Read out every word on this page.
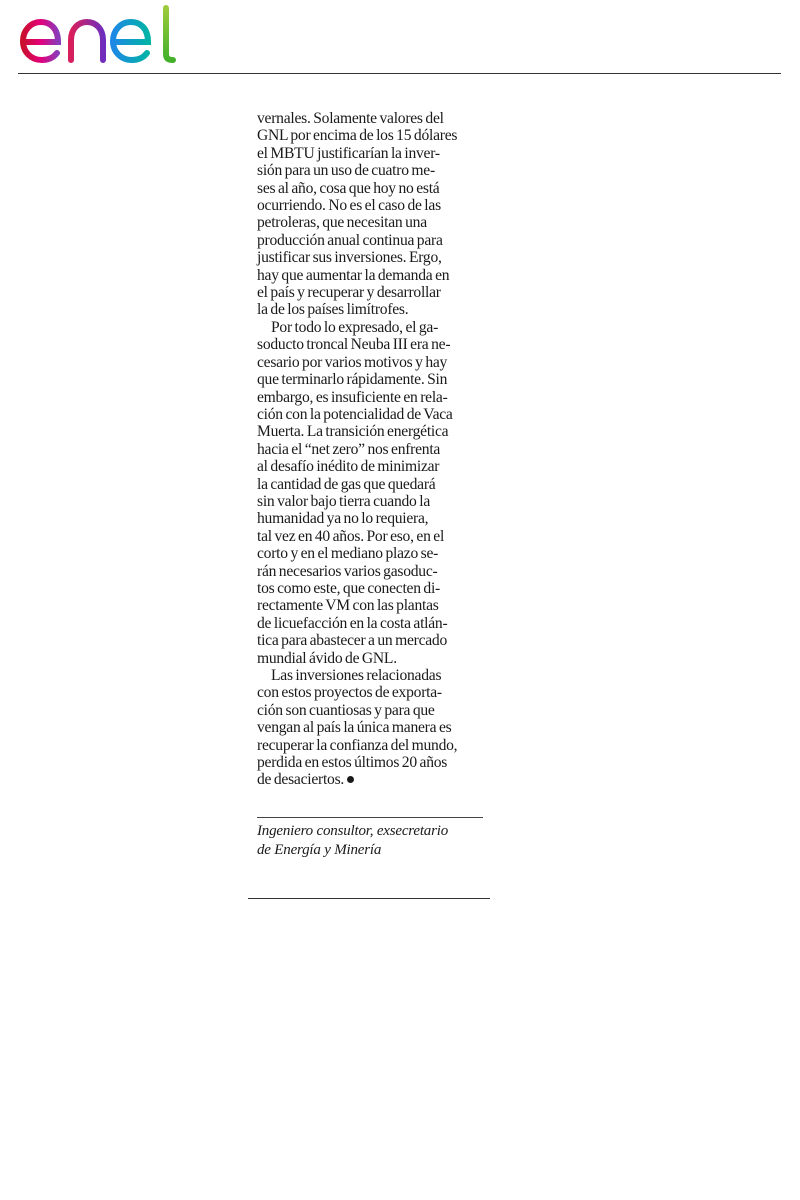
vernales. Solamente valores del
GNL por encima de los 15 dólares
el MBTU justificarían la inver-
sión para un uso de cuatro me-
ses al año, cosa que hoy no está
ocurriendo. No es el caso de las
petroleras, que necesitan una
producción anual continua para
justificar sus inversiones. Ergo,
hay que aumentar la demanda en
el país y recuperar y desarrollar
la de los países limítrofes.

Por todo lo expresado, el ga-
soducto troncal Neuba III era ne-
cesario por varios motivos y hay
que terminarlo rápidamente. Sin
embargo, es insuficiente en rela-
ción con la potencialidad de Vaca
Muerta. La transición energética
hacia el “net zero” nos enfrenta
al desafío inédito de minimizar
la cantidad de gas que quedará
sin valor bajo tierra cuando la
humanidad ya no lo requiera,
tal vez en 40 años. Por eso, en el
corto y en el mediano plazo se-
rán necesarios varios gasoduc-
tos como este, que conecten di-
rectamente VM con las plantas
de licuefacción en la costa atlán-
tica para abastecer a un mercado
mundial ávido de GNL.

Las inversiones relacionadas
con estos proyectos de exporta-
ción son cuantiosas y para que
vengan al país la única manera es
recuperar la confianza del mundo,
perdida en estos últimos 20 años
de desaciertos.

Ingeniero consultor, exsecretario
de Energía y Minería
